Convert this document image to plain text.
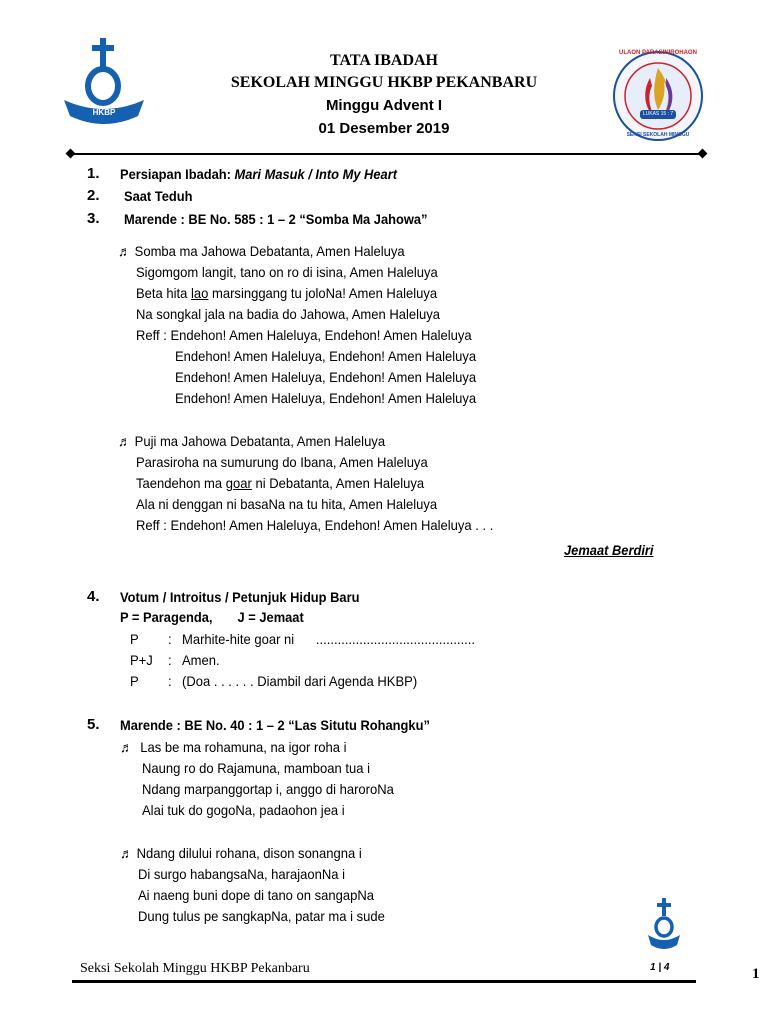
HKBP
ULAON PARASINIROHAON
LUKAS 15 : 7
SEKSI SEKOLAH MINGGU
TATA IBADAH
SEKOLAH MINGGU HKBP PEKANBARU
Minggu Advent I
01 Desember 2019
1. Persiapan Ibadah: Mari Masuk / Into My Heart
2. Saat Teduh
3. Marende : BE No. 585 : 1 – 2 “Somba Ma Jahowa”
♬ Somba ma Jahowa Debatanta, Amen Haleluya
Sigomgom langit, tano on ro di isina, Amen Haleluya
Beta hita lao marsinggang tu joloNa! Amen Haleluya
Na songkal jala na badia do Jahowa, Amen Haleluya
Reff : Endehon! Amen Haleluya, Endehon! Amen Haleluya
Endehon! Amen Haleluya, Endehon! Amen Haleluya
Endehon! Amen Haleluya, Endehon! Amen Haleluya
Endehon! Amen Haleluya, Endehon! Amen Haleluya
♬ Puji ma Jahowa Debatanta, Amen Haleluya
Parasiroha na sumurung do Ibana, Amen Haleluya
Taendehon ma goar ni Debatanta, Amen Haleluya
Ala ni denggan ni basaNa na tu hita, Amen Haleluya
Reff : Endehon! Amen Haleluya, Endehon! Amen Haleluya . . .
Jemaat Berdiri
4. Votum / Introitus / Petunjuk Hidup Baru
P = Paragenda,       J = Jemaat
P : Marhite-hite goar ni      ............................................
P+J : Amen.
P : (Doa . . . . . . Diambil dari Agenda HKBP)
5. Marende : BE No. 40 : 1 – 2 “Las Situtu Rohangku”
♬ Las be ma rohamuna, na igor roha i
Naung ro do Rajamuna, mamboan tua i
Ndang marpanggortap i, anggo di haroroNa
Alai tuk do gogoNa, padaohon jea i
♬ Ndang dilului rohana, dison sonangna i
Di surgo habangsaNa, harajaonNa i
Ai naeng buni dope di tano on sangapNa
Dung tulus pe sangkapNa, patar ma i sude
Seksi Sekolah Minggu HKBP Pekanbaru	1 | 4	1
